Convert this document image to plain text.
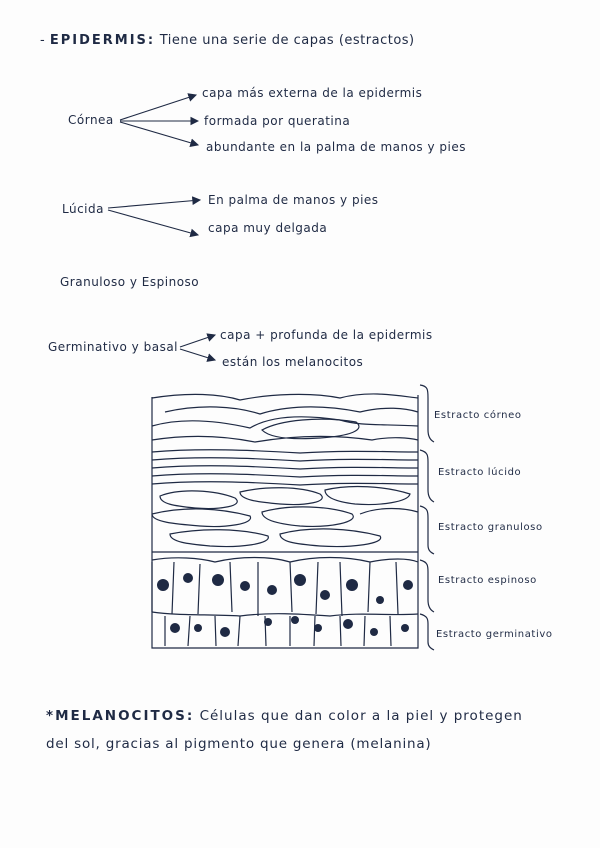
- EPIDERMIS: Tiene una serie de capas (estractos)
Córnea
capa más externa de la epidermis
formada por queratina
abundante en la palma de manos y pies
Lúcida
En palma de manos y pies
capa muy delgada
Granuloso y Espinoso
Germinativo y basal
capa + profunda de la epidermis
están los melanocitos
Estracto córneo
Estracto lúcido
Estracto granuloso
Estracto espinoso
Estracto germinativo
*MELANOCITOS: Células que dan color a la piel y protegen
del sol, gracias al pigmento que genera (melanina)
